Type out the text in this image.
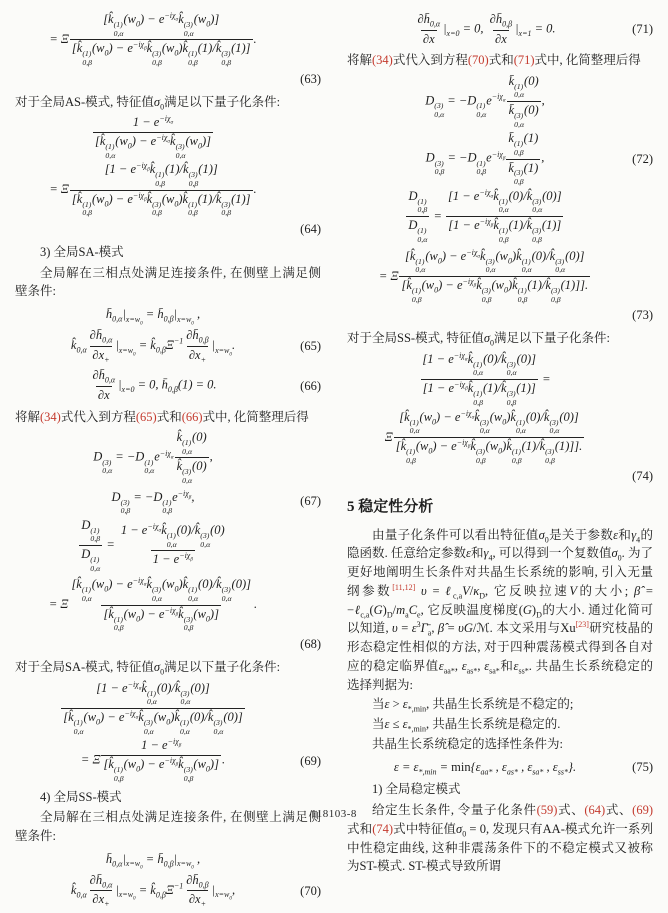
= Ξ [k̂ (1)
0,α
$(w_0)$ − $e^{-i\chi_\alpha}k̂$ (3)
0,α
$(w_0)$]
[k̂ (1)
0,β
$(w_0)$ − $e^{-i\chi_\beta}k̂$ (3)
0,β
$(w_0)k̂$ (1)
0,β
(1)/k̂ (3)
0,β
(1)] .
(63)
对于全局AS-模式, 特征值$\sigma_0$满足以下量子化条件:
$1 - e^{-i\chi_\alpha}$
[k̂ (1)
0,α
$(w_0)$ − $e^{-i\chi_\alpha}k̂$ (3)
0,α
$(w_0)$]
= Ξ [$1 - e^{-i\chi_\beta}k̂$ (1)
0,β
(1)/k̂ (3)
0,β
(1)]
[k̂ (1)
0,β
$(w_0)$ − $e^{-i\chi_\beta}k̂$ (3)
0,β
$(w_0)k̂$ (1)
0,β
(1)/k̂ (3)
0,β
(1)] .
(64)
3) 全局SA-模式
全局解在三相点处满足连接条件, 在侧壁上满足侧壁条件:
$h̄_{0,\alpha}|_{x=w_0}$ = $h̄_{0,\beta}|_{x=w_0}$ ,
$k̂_{0,\alpha} \frac{\partial h̄_{0,\alpha}}{\partial x_+} |_{x=w_0}$ = $k̂_{0,\beta}\Xi^{-1} \frac{\partial h̄_{0,\beta}}{\partial x_+} |_{x=w_0}$.	(65)
$\frac{\partial h̄_{0,\alpha}}{\partial x} |_{x=0} = 0$, $h̄_{0,\beta}(1) = 0$.	(66)
将解(34)式代入到方程(65)式和(66)式中, 化简整理后得
D (3)
0,α
= −D (1)
0,α
$e^{-i\chi_\alpha}$ k̂ (1)
0,α
(0)
k̂ (3)
0,α
(0) ,
D (3)
0,β
= −D (1)
0,β
$e^{-i\chi_\beta}$,	(67)
D (1)
0,β
D (1)
$0,\alpha = 1 - e^{-i\chi_\alpha}k̂$ (1)
0,α
(0)/k̂ (3)
0,α
(0)
$1 - e^{-i\chi_\beta}$
= Ξ [k̂ (1)
0,α
$(w_0)$ − $e^{-i\chi_\alpha}k̂$ (3)
0,α
$(w_0)k̂$ (1)
0,α
(0)/k̂ (3)
0,α
(0)]
[k̂ (1)
0,β
$(w_0)$ − $e^{-i\chi_\beta}k̂$ (3)
0,β
$(w_0)$] .
(68)
对于全局SA-模式, 特征值$\sigma_0$满足以下量子化条件:
[$1 - e^{-i\chi_\alpha}k̂$ (1)
0,α
(0)/k̂ (3)
0,α
(0)]
[k̂ (1)
0,α
$(w_0)$ − $e^{-i\chi_\alpha}k̂$ (3)
0,α
$(w_0)k̂$ (1)
0,α
(0)/k̂ (3)
0,α
(0)]
= Ξ $1 - e^{-i\chi_\beta}$
[k̂ (1)
0,β
$(w_0)$ − $e^{-i\chi_\beta}k̂$ (3)
0,β
$(w_0)$] .	(69)
4) 全局SS-模式
全局解在三相点处满足连接条件, 在侧壁上满足侧壁条件:
$h̄_{0,\alpha}|_{x=w_0}$ = $h̄_{0,\beta}|_{x=w_0}$ ,
$k̂_{0,\alpha} \frac{\partial h̄_{0,\alpha}}{\partial x_+} |_{x=w_0}$ = $k̂_{0,\beta}\Xi^{-1} \frac{\partial h̄_{0,\beta}}{\partial x_+} |_{x=w_0}$,	(70)
$\frac{\partial h̄_{0,\alpha}}{\partial x} |_{x=0} = 0$, $\frac{\partial h̄_{0,\beta}}{\partial x} |_{x=1} = 0$.	(71)
将解(34)式代入到方程(70)式和(71)式中, 化简整理后得
D (3)
0,α
= −D (1)
0,α
$e^{-i\chi_\alpha}$ k̄ (1)
0,α
(0)
k̄ (3)
0,α
(0) ,
D (3)
0,β
= −D (1)
0,β
$e^{-i\chi_\beta}$ k̄ (1)
0,β
(1)
k̄ (3)
0,β
(1) ,	(72)
D (1)
0,β
D (1)
$0,\alpha = [1 - e^{-i\chi_\alpha}k̂$ (1)
0,α
(0)/k̂ (3)
0,α
(0)]
[$1 - e^{-i\chi_\beta}k̂$ (1)
0,β
(1)/k̂ (3)
0,β
(1)]
= Ξ [k̂ (1)
0,α
$(w_0)$ − $e^{-i\chi_\alpha}k̂$ (3)
0,α
$(w_0)k̂$ (1)
0,α
(0)/k̂ (3)
0,α
(0)]
[k̂ (1)
0,β
$(w_0)$ − $e^{-i\chi_\beta}k̂$ (3)
0,β
$(w_0)k̂$ (1)
0,β
(1)/k̂ (3)
0,β
(1)]].
(73)
对于全局SS-模式, 特征值$\sigma_0$满足以下量子化条件:
[$1 - e^{-i\chi_\alpha}k̂$ (1)
0,α
(0)/k̂ (3)
0,α
(0)]
[$1 - e^{-i\chi_\beta}k̂$ (1)
0,β
(1)/k̂ (3)
0,β
(1)] =
Ξ [k̂ (1)
0,α
$(w_0)$ − $e^{-i\chi_\alpha}k̂$ (3)
0,α
$(w_0)k̂$ (1)
0,α
(0)/k̂ (3)
0,α
(0)]
[k̂ (1)
0,β
$(w_0)$ − $e^{-i\chi_\beta}k̂$ (3)
0,β
$(w_0)k̂$ (1)
0,β
(1)/k̂ (3)
0,β
(1)]].
(74)
5 稳定性分析
由量子化条件可以看出特征值$\sigma_0$是关于参数ε和$\gamma_4$的隐函数. 任意给定参数ε和$\gamma_4$, 可以得到一个复数值$\sigma_0$. 为了更好地阐明生长条件对共晶生长系统的影响, 引入无量纲参数[11,12] $\upsilon = \ell_{c,a}V/\kappa_D$, 它反映拉速V的大小; β̂ = $-\ell_{c,a}(G)_D/m_aC_e$, 它反映温度梯度$(G)_D$的大小. 通过化简可以知道, $\upsilon = \varepsilon^3\Gammā_a$, β̂ = υG/ℳ. 本文采用与Xu[23]研究枝晶的形态稳定性相似的方法, 对于四种震荡模式得到各自对应的稳定临界值$\varepsilon_{aa*}$, $\varepsilon_{as*}$, $\varepsilon_{sa*}$和$\varepsilon_{ss*}$. 共晶生长系统稳定的选择判据为:
当$\varepsilon > \varepsilon_{*,min}$, 共晶生长系统是不稳定的;
当$\varepsilon \le \varepsilon_{*,min}$, 共晶生长系统是稳定的.
共晶生长系统稳定的选择性条件为:
$\varepsilon = \varepsilon_{*,min} = \min\{\varepsilon_{aa*}$ , $\varepsilon_{as*}$ , $\varepsilon_{sa*}$ , $\varepsilon_{ss*}$}.	(75)
1) 全局稳定模式
给定生长条件, 令量子化条件(59)式、(64)式、(69)式和(74)式中特征值$\sigma_0 = 0$, 发现只有AA-模式允许一系列中性稳定曲线, 这种非震荡条件下的不稳定模式又被称为ST-模式. ST-模式导致所谓
118103-8
